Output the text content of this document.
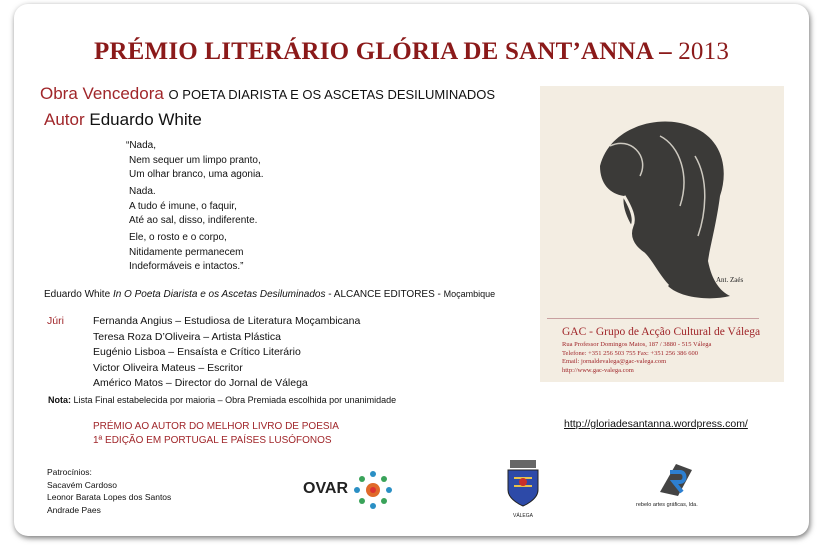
PRÉMIO LITERÁRIO GLÓRIA DE SANT’ANNA – 2013
Obra Vencedora O POETA DIARISTA E OS ASCETAS DESILUMINADOS
Autor Eduardo White
“Nada,
Nem sequer um limpo pranto,
Um olhar branco, uma agonia.
Nada.
A tudo é imune, o faquir,
Até ao sal, disso, indiferente.
Ele, o rosto e o corpo,
Nitidamente permanecem
Indeformáveis e intactos.”
Eduardo White In O Poeta Diarista e os Ascetas Desiluminados - ALCANCE EDITORES - Moçambique
Júri	Fernanda Angius – Estudiosa de Literatura Moçambicana
Teresa Roza D’Oliveira – Artista Plástica
Eugénio Lisboa – Ensaísta e Crítico Literário
Victor Oliveira Mateus – Escritor
Américo Matos – Director do Jornal de Válega
Nota: Lista Final estabelecida por maioria – Obra Premiada escolhida por unanimidade
PRÉMIO AO AUTOR DO MELHOR LIVRO DE POESIA
1ª EDIÇÃO EM PORTUGAL E PAÍSES LUSÓFONOS
http://gloriadesantanna.wordpress.com/
Patrocínios:
Sacavém Cardoso
Leonor Barata Lopes dos Santos
Andrade Paes
Ant. Zaés
GAC - Grupo de Acção Cultural de Válega
Rua Professor Domingos Matos, 187 / 3880 - 515 Válega
Telefone: +351 256 503 755 Fax: +351 256 386 600
Email: jornaldevalega@gac-valega.com
http://www.gac-valega.com
OVAR
VÁLEGA
rebelo artes gráficas, lda.
